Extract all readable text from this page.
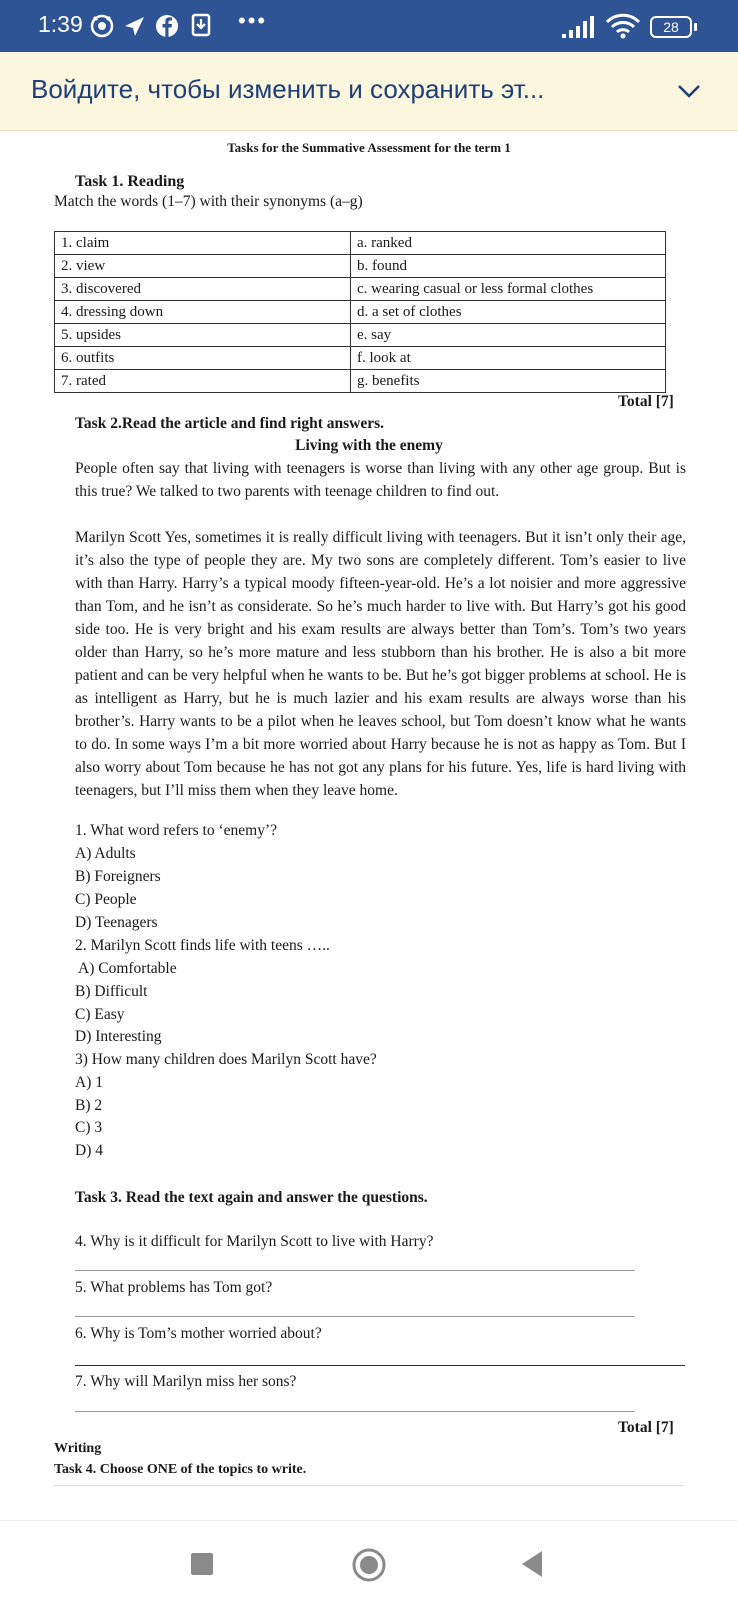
1:39	•••	28
Войдите, чтобы изменить и сохранить эт...
Tasks for the Summative Assessment for the term 1
Task 1. Reading
Match the words (1–7) with their synonyms (a–g)
1. claim	a. ranked
2. view	b. found
3. discovered	c. wearing casual or less formal clothes
4. dressing down	d. a set of clothes
5. upsides	e. say
6. outfits	f. look at
7. rated	g. benefits
Total [7]
Task 2.Read the article and find right answers.
Living with the enemy
People often say that living with teenagers is worse than living with any other age group. But is this true? We talked to two parents with teenage children to find out.
Marilyn Scott Yes, sometimes it is really difficult living with teenagers. But it isn’t only their age, it’s also the type of people they are. My two sons are completely different. Tom’s easier to live with than Harry. Harry’s a typical moody fifteen-year-old. He’s a lot noisier and more aggressive than Tom, and he isn’t as considerate. So he’s much harder to live with. But Harry’s got his good side too. He is very bright and his exam results are always better than Tom’s. Tom’s two years older than Harry, so he’s more mature and less stubborn than his brother. He is also a bit more patient and can be very helpful when he wants to be. But he’s got bigger problems at school. He is as intelligent as Harry, but he is much lazier and his exam results are always worse than his brother’s. Harry wants to be a pilot when he leaves school, but Tom doesn’t know what he wants to do. In some ways I’m a bit more worried about Harry because he is not as happy as Tom. But I also worry about Tom because he has not got any plans for his future. Yes, life is hard living with teenagers, but I’ll miss them when they leave home.
1. What word refers to ‘enemy’?
A) Adults
B) Foreigners
C) People
D) Teenagers
2. Marilyn Scott finds life with teens …..
A) Comfortable
B) Difficult
C) Easy
D) Interesting
3) How many children does Marilyn Scott have?
A) 1
B) 2
C) 3
D) 4
Task 3. Read the text again and answer the questions.
4. Why is it difficult for Marilyn Scott to live with Harry?
5. What problems has Tom got?
6. Why is Tom’s mother worried about?
7. Why will Marilyn miss her sons?
Total [7]
Writing
Task 4. Choose ONE of the topics to write.
